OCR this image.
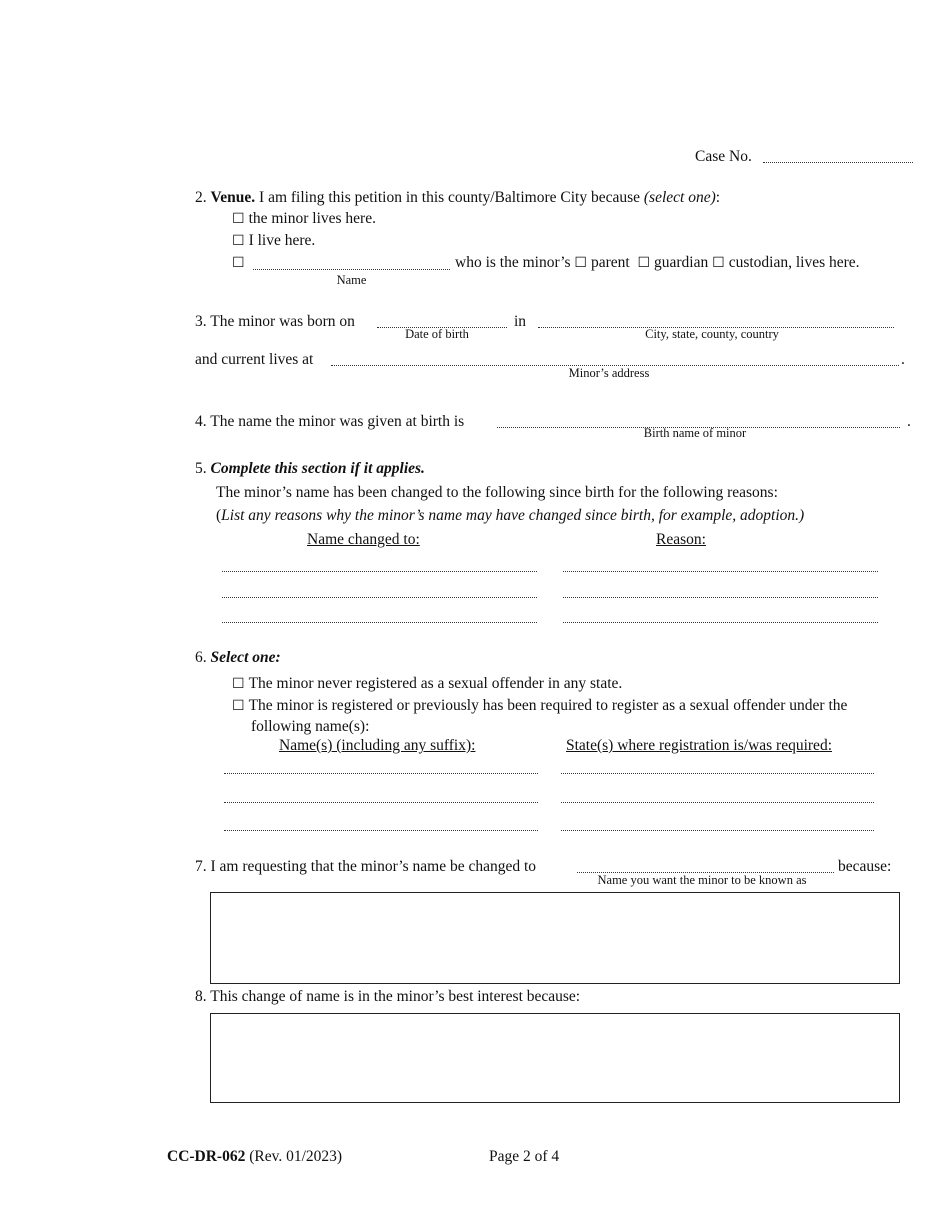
Case No.
2. Venue. I am filing this petition in this county/Baltimore City because (select one):
☐ the minor lives here.
☐ I live here.
☐
Name
who is the minor’s ☐ parent ☐ guardian ☐ custodian, lives here.
3. The minor was born on
Date of birth
in
City, state, county, country
and current lives at	.
Minor’s address
4. The name the minor was given at birth is	.
Birth name of minor
5. Complete this section if it applies.
The minor’s name has been changed to the following since birth for the following reasons:
(List any reasons why the minor’s name may have changed since birth, for example, adoption.)
Name changed to:	Reason:
6. Select one:
☐ The minor never registered as a sexual offender in any state.
☐ The minor is registered or previously has been required to register as a sexual offender under the
following name(s):
Name(s) (including any suffix):	State(s) where registration is/was required:
7. I am requesting that the minor’s name be changed to	because:
Name you want the minor to be known as
8. This change of name is in the minor’s best interest because:
CC-DR-062 (Rev. 01/2023)	Page 2 of 4
